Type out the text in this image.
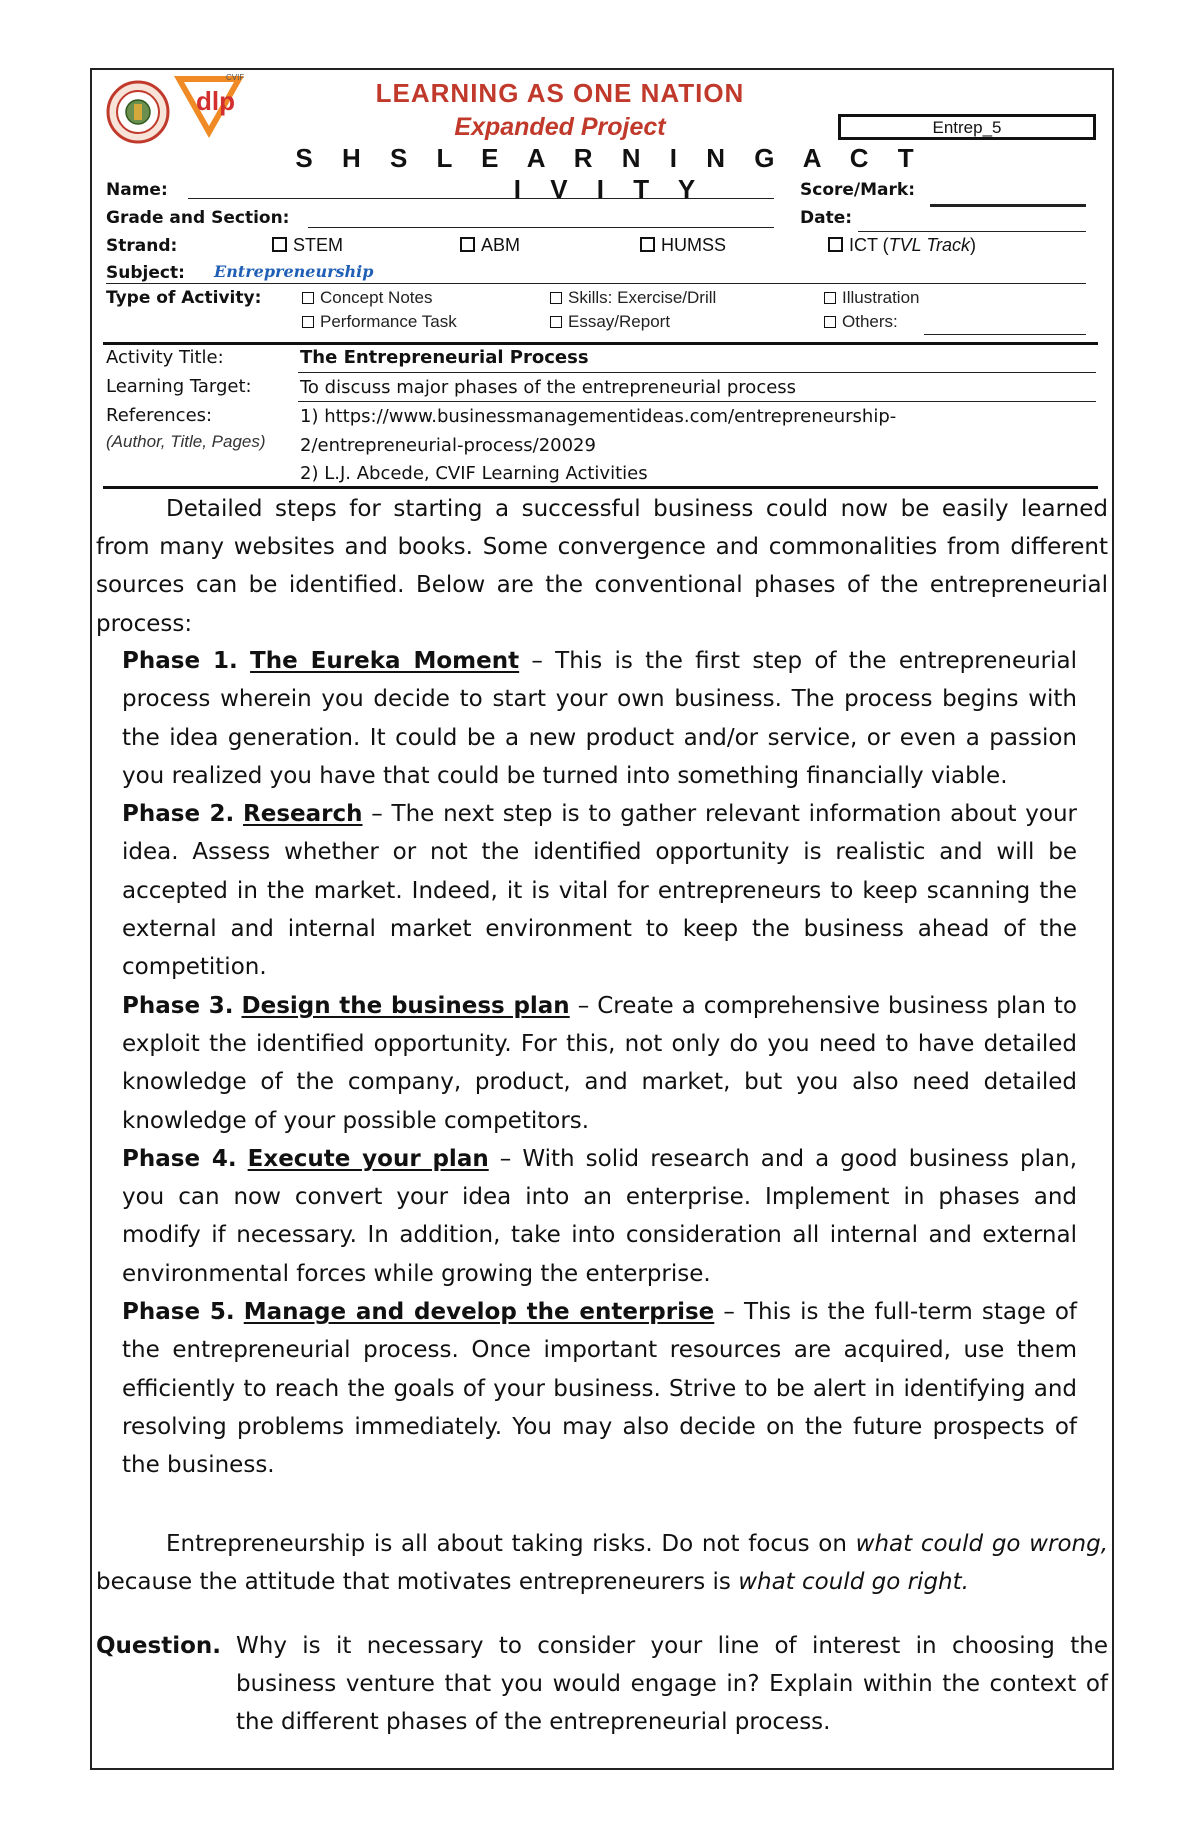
dlp
CVIF
LEARNING AS ONE NATION
Expanded Project	Entrep_5
S H S L E A R N I N G A C T I V I T Y
Name:	Score/Mark:
Grade and Section:	Date:
Strand:	STEM	ABM	HUMSS	ICT (TVL Track)
Subject: Entrepreneurship
Type of Activity:	Concept Notes	Skills: Exercise/Drill	Illustration
Performance Task	Essay/Report	Others:
Activity Title:	The Entrepreneurial Process
Learning Target:	To discuss major phases of the entrepreneurial process
References:
(Author, Title, Pages)
1) https://www.businessmanagementideas.com/entrepreneurship-
2/entrepreneurial-process/20029
2) L.J. Abcede, CVIF Learning Activities
Detailed steps for starting a successful business could now be easily learned from many websites and books. Some convergence and commonalities from different sources can be identified. Below are the conventional phases of the entrepreneurial process:

Phase 1. The Eureka Moment – This is the first step of the entrepreneurial process wherein you decide to start your own business. The process begins with the idea generation. It could be a new product and/or service, or even a passion you realized you have that could be turned into something financially viable.

Phase 2. Research – The next step is to gather relevant information about your idea. Assess whether or not the identified opportunity is realistic and will be accepted in the market. Indeed, it is vital for entrepreneurs to keep scanning the external and internal market environment to keep the business ahead of the competition.

Phase 3. Design the business plan – Create a comprehensive business plan to exploit the identified opportunity. For this, not only do you need to have detailed knowledge of the company, product, and market, but you also need detailed knowledge of your possible competitors.

Phase 4. Execute your plan – With solid research and a good business plan, you can now convert your idea into an enterprise. Implement in phases and modify if necessary. In addition, take into consideration all internal and external environmental forces while growing the enterprise.

Phase 5. Manage and develop the enterprise – This is the full-term stage of the entrepreneurial process. Once important resources are acquired, use them efficiently to reach the goals of your business. Strive to be alert in identifying and resolving problems immediately. You may also decide on the future prospects of the business.

Entrepreneurship is all about taking risks. Do not focus on what could go wrong, because the attitude that motivates entrepreneurers is what could go right.
Question. Why is it necessary to consider your line of interest in choosing the business venture that you would engage in? Explain within the context of the different phases of the entrepreneurial process.
